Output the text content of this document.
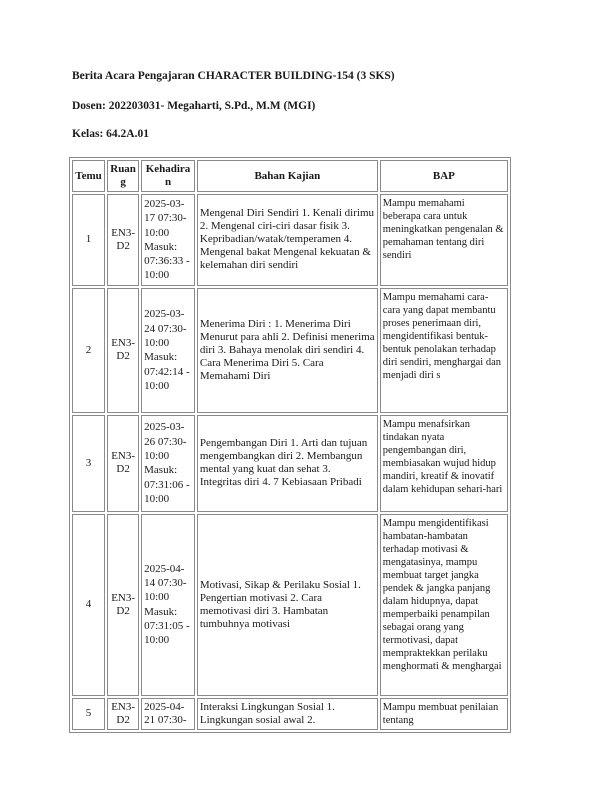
Berita Acara Pengajaran CHARACTER BUILDING-154 (3 SKS)
Dosen: 202203031- Megaharti, S.Pd., M.M (MGI)
Kelas: 64.2A.01
Temu	Ruang	Kehadiran	Bahan Kajian	BAP
1	EN3-D2	2025-03-17 07:30-10:00 Masuk: 07:36:33 - 10:00	Mengenal Diri Sendiri 1. Kenali dirimu 2. Mengenal ciri-ciri dasar fisik 3. Kepribadian/watak/temperamen 4. Mengenal bakat Mengenal kekuatan & kelemahan diri sendiri	Mampu memahami beberapa cara untuk meningkatkan pengenalan & pemahaman tentang diri sendiri
2	EN3-D2	2025-03-24 07:30-10:00 Masuk: 07:42:14 - 10:00	Menerima Diri : 1. Menerima Diri Menurut para ahli 2. Definisi menerima diri 3. Bahaya menolak diri sendiri 4. Cara Menerima Diri 5. Cara Memahami Diri	Mampu memahami cara-cara yang dapat membantu proses penerimaan diri, mengidentifikasi bentuk-bentuk penolakan terhadap diri sendiri, menghargai dan menjadi diri s
3	EN3-D2	2025-03-26 07:30-10:00 Masuk: 07:31:06 - 10:00	Pengembangan Diri 1. Arti dan tujuan mengembangkan diri 2. Membangun mental yang kuat dan sehat 3. Integritas diri 4. 7 Kebiasaan Pribadi	Mampu menafsirkan tindakan nyata pengembangan diri, membiasakan wujud hidup mandiri, kreatif & inovatif dalam kehidupan sehari-hari
4	EN3-D2	2025-04-14 07:30-10:00 Masuk: 07:31:05 - 10:00	Motivasi, Sikap & Perilaku Sosial 1. Pengertian motivasi 2. Cara memotivasi diri 3. Hambatan tumbuhnya motivasi	Mampu mengidentifikasi hambatan-hambatan terhadap motivasi & mengatasinya, mampu membuat target jangka pendek & jangka panjang dalam hidupnya, dapat memperbaiki penampilan sebagai orang yang termotivasi, dapat mempraktekkan perilaku menghormati & menghargai
5	EN3-D2	2025-04-21 07:30-	Interaksi Lingkungan Sosial 1. Lingkungan sosial awal 2.	Mampu membuat penilaian tentang
